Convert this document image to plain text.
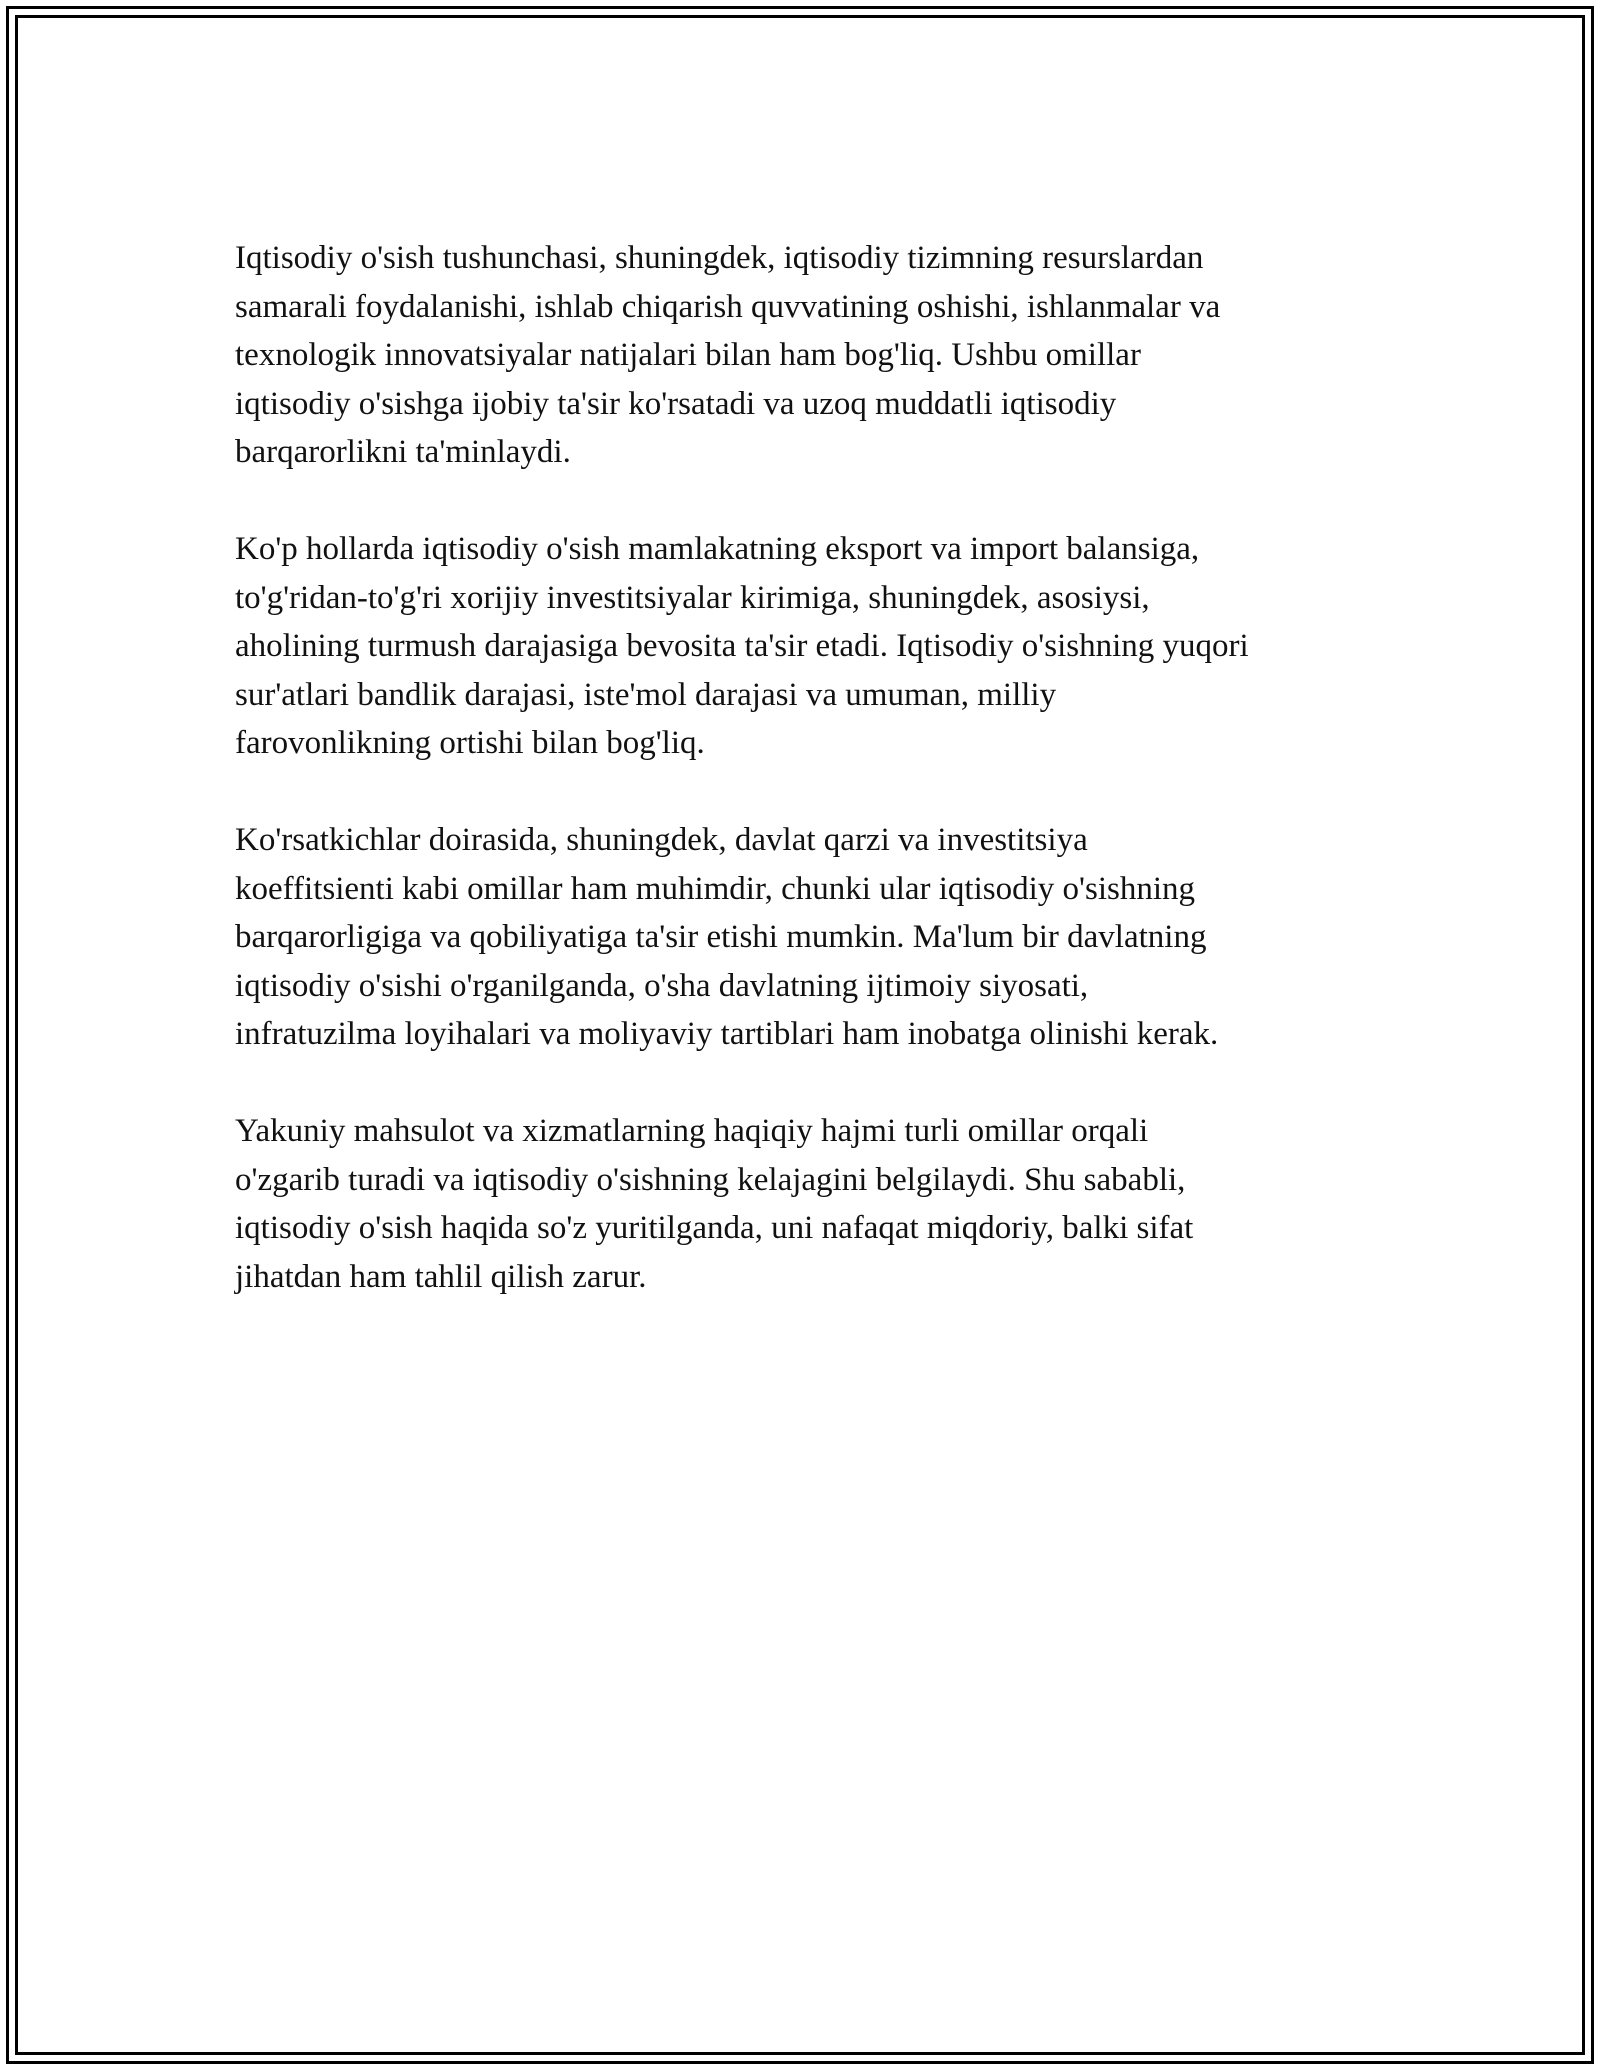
Iqtisodiy o'sish tushunchasi, shuningdek, iqtisodiy tizimning resurslardan
samarali foydalanishi, ishlab chiqarish quvvatining oshishi, ishlanmalar va
texnologik innovatsiyalar natijalari bilan ham bog'liq. Ushbu omillar
iqtisodiy o'sishga ijobiy ta'sir ko'rsatadi va uzoq muddatli iqtisodiy
barqarorlikni ta'minlaydi.

Ko'p hollarda iqtisodiy o'sish mamlakatning eksport va import balansiga,
to'g'ridan-to'g'ri xorijiy investitsiyalar kirimiga, shuningdek, asosiysi,
aholining turmush darajasiga bevosita ta'sir etadi. Iqtisodiy o'sishning yuqori
sur'atlari bandlik darajasi, iste'mol darajasi va umuman, milliy
farovonlikning ortishi bilan bog'liq.

Ko'rsatkichlar doirasida, shuningdek, davlat qarzi va investitsiya
koeffitsienti kabi omillar ham muhimdir, chunki ular iqtisodiy o'sishning
barqarorligiga va qobiliyatiga ta'sir etishi mumkin. Ma'lum bir davlatning
iqtisodiy o'sishi o'rganilganda, o'sha davlatning ijtimoiy siyosati,
infratuzilma loyihalari va moliyaviy tartiblari ham inobatga olinishi kerak.

Yakuniy mahsulot va xizmatlarning haqiqiy hajmi turli omillar orqali
o'zgarib turadi va iqtisodiy o'sishning kelajagini belgilaydi. Shu sababli,
iqtisodiy o'sish haqida so'z yuritilganda, uni nafaqat miqdoriy, balki sifat
jihatdan ham tahlil qilish zarur.
